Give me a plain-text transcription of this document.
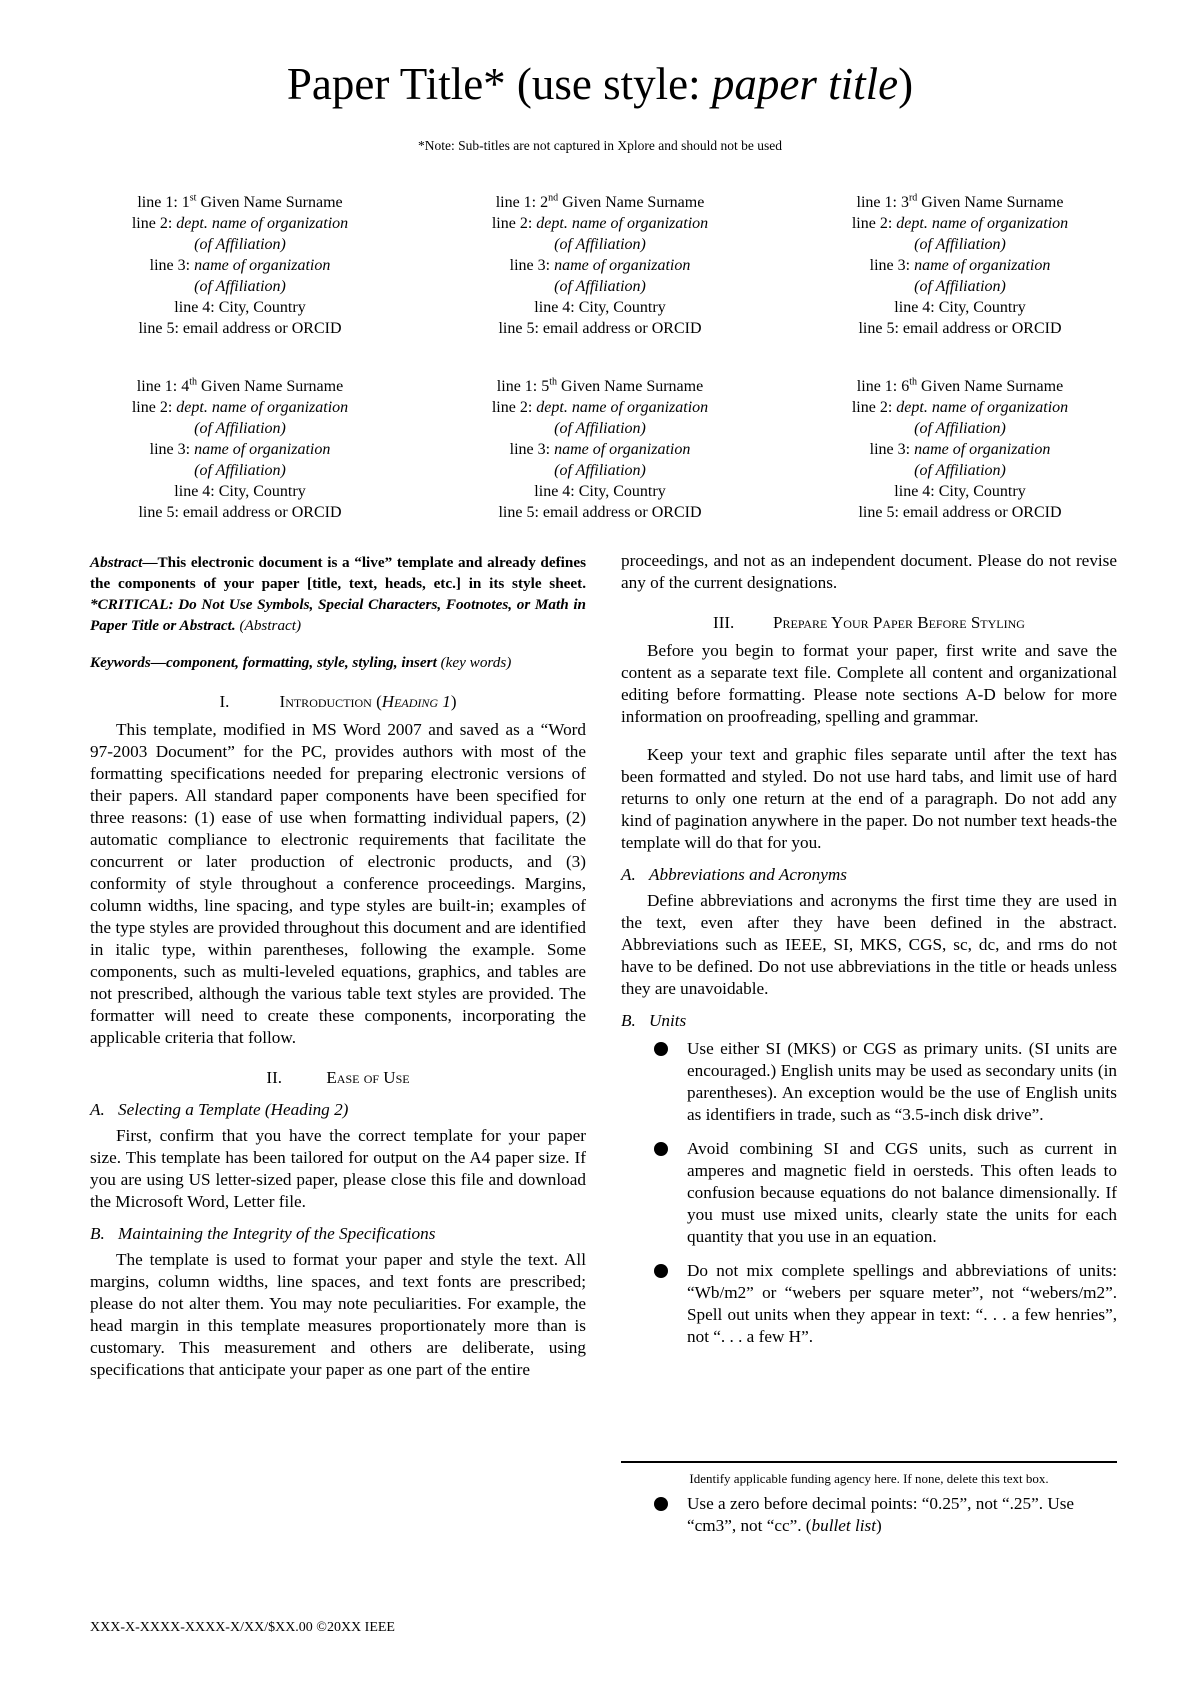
Paper Title* (use style: paper title)
*Note: Sub-titles are not captured in Xplore and should not be used
line 1: 1st Given Name Surname
line 2: dept. name of organization
(of Affiliation)
line 3: name of organization
(of Affiliation)
line 4: City, Country
line 5: email address or ORCID
line 1: 2nd Given Name Surname
line 2: dept. name of organization
(of Affiliation)
line 3: name of organization
(of Affiliation)
line 4: City, Country
line 5: email address or ORCID
line 1: 3rd Given Name Surname
line 2: dept. name of organization
(of Affiliation)
line 3: name of organization
(of Affiliation)
line 4: City, Country
line 5: email address or ORCID
line 1: 4th Given Name Surname
line 2: dept. name of organization
(of Affiliation)
line 3: name of organization
(of Affiliation)
line 4: City, Country
line 5: email address or ORCID
line 1: 5th Given Name Surname
line 2: dept. name of organization
(of Affiliation)
line 3: name of organization
(of Affiliation)
line 4: City, Country
line 5: email address or ORCID
line 1: 6th Given Name Surname
line 2: dept. name of organization
(of Affiliation)
line 3: name of organization
(of Affiliation)
line 4: City, Country
line 5: email address or ORCID

Abstract—This electronic document is a “live” template and already defines the components of your paper [title, text, heads, etc.] in its style sheet. *CRITICAL: Do Not Use Symbols, Special Characters, Footnotes, or Math in Paper Title or Abstract. (Abstract)

Keywords—component, formatting, style, styling, insert (key words)

I.	Introduction (Heading 1)

This template, modified in MS Word 2007 and saved as a “Word 97-2003 Document” for the PC, provides authors with most of the formatting specifications needed for preparing electronic versions of their papers. All standard paper components have been specified for three reasons: (1) ease of use when formatting individual papers, (2) automatic compliance to electronic requirements that facilitate the concurrent or later production of electronic products, and (3) conformity of style throughout a conference proceedings. Margins, column widths, line spacing, and type styles are built-in; examples of the type styles are provided throughout this document and are identified in italic type, within parentheses, following the example. Some components, such as multi-leveled equations, graphics, and tables are not prescribed, although the various table text styles are provided. The formatter will need to create these components, incorporating the applicable criteria that follow.

II.	Ease of Use

A. Selecting a Template (Heading 2)

First, confirm that you have the correct template for your paper size. This template has been tailored for output on the A4 paper size. If you are using US letter-sized paper, please close this file and download the Microsoft Word, Letter file.

B. Maintaining the Integrity of the Specifications

The template is used to format your paper and style the text. All margins, column widths, line spaces, and text fonts are prescribed; please do not alter them. You may note peculiarities. For example, the head margin in this template measures proportionately more than is customary. This measurement and others are deliberate, using specifications that anticipate your paper as one part of the entire

proceedings, and not as an independent document. Please do not revise any of the current designations.

III. Prepare Your Paper Before Styling

Before you begin to format your paper, first write and save the content as a separate text file. Complete all content and organizational editing before formatting. Please note sections A-D below for more information on proofreading, spelling and grammar.

Keep your text and graphic files separate until after the text has been formatted and styled. Do not use hard tabs, and limit use of hard returns to only one return at the end of a paragraph. Do not add any kind of pagination anywhere in the paper. Do not number text heads-the template will do that for you.

A. Abbreviations and Acronyms

Define abbreviations and acronyms the first time they are used in the text, even after they have been defined in the abstract. Abbreviations such as IEEE, SI, MKS, CGS, sc, dc, and rms do not have to be defined. Do not use abbreviations in the title or heads unless they are unavoidable.

B. Units

Use either SI (MKS) or CGS as primary units. (SI units are encouraged.) English units may be used as secondary units (in parentheses). An exception would be the use of English units as identifiers in trade, such as “3.5-inch disk drive”.
Avoid combining SI and CGS units, such as current in amperes and magnetic field in oersteds. This often leads to confusion because equations do not balance dimensionally. If you must use mixed units, clearly state the units for each quantity that you use in an equation.
Do not mix complete spellings and abbreviations of units: “Wb/m2” or “webers per square meter”, not “webers/m2”. Spell out units when they appear in text: “. . . a few henries”, not “. . . a few H”.
Identify applicable funding agency here. If none, delete this text box.
Use a zero before decimal points: “0.25”, not “.25”. Use “cm3”, not “cc”. (bullet list)
XXX-X-XXXX-XXXX-X/XX/$XX.00 ©20XX IEEE
